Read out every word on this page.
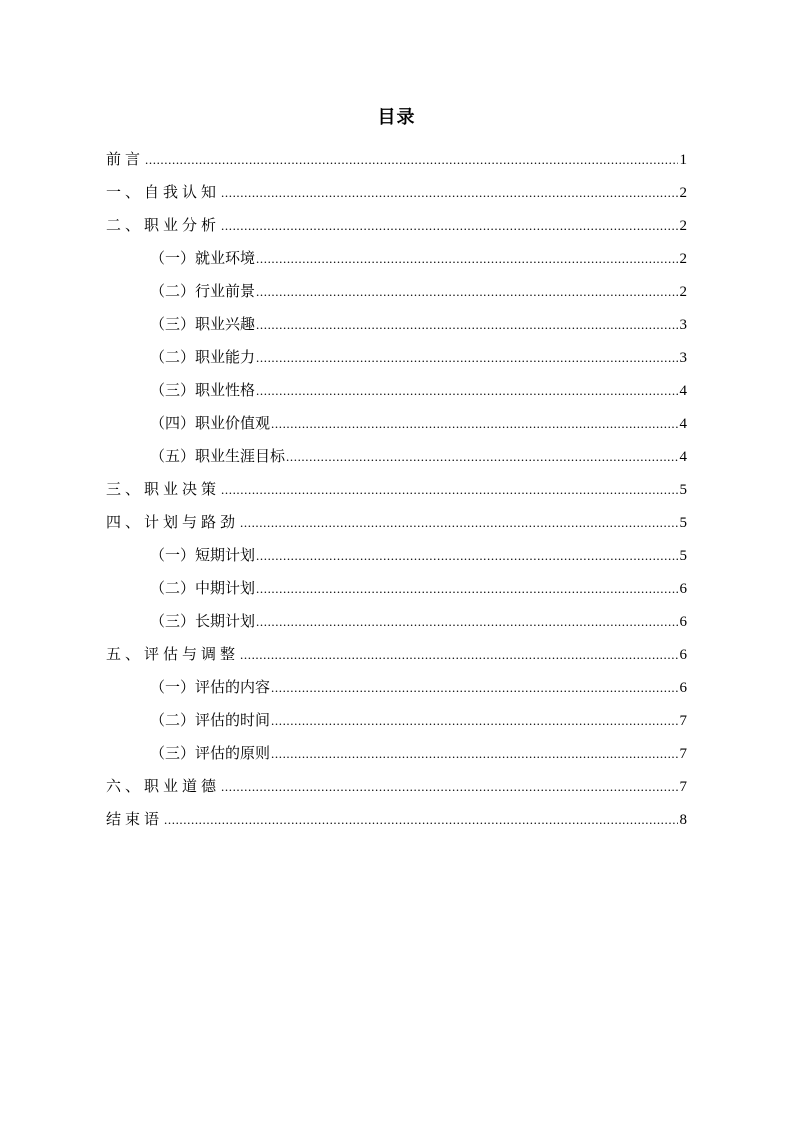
目录
前言 .....	1
一、自我认知 .....	2
二、职业分析 .....	2
（一）就业环境 .....	2
（二）行业前景 .....	2
（三）职业兴趣 .....	3
（二）职业能力 .....	3
（三）职业性格 .....	4
（四）职业价值观 .....	4
（五）职业生涯目标 .....	4
三、职业决策 .....	5
四、计划与路劲 .....	5
（一）短期计划 .....	5
（二）中期计划 .....	6
（三）长期计划 .....	6
五、评估与调整 .....	6
（一）评估的内容 .....	6
（二）评估的时间 .....	7
（三）评估的原则 .....	7
六、职业道德 .....	7
结束语 .....	8
